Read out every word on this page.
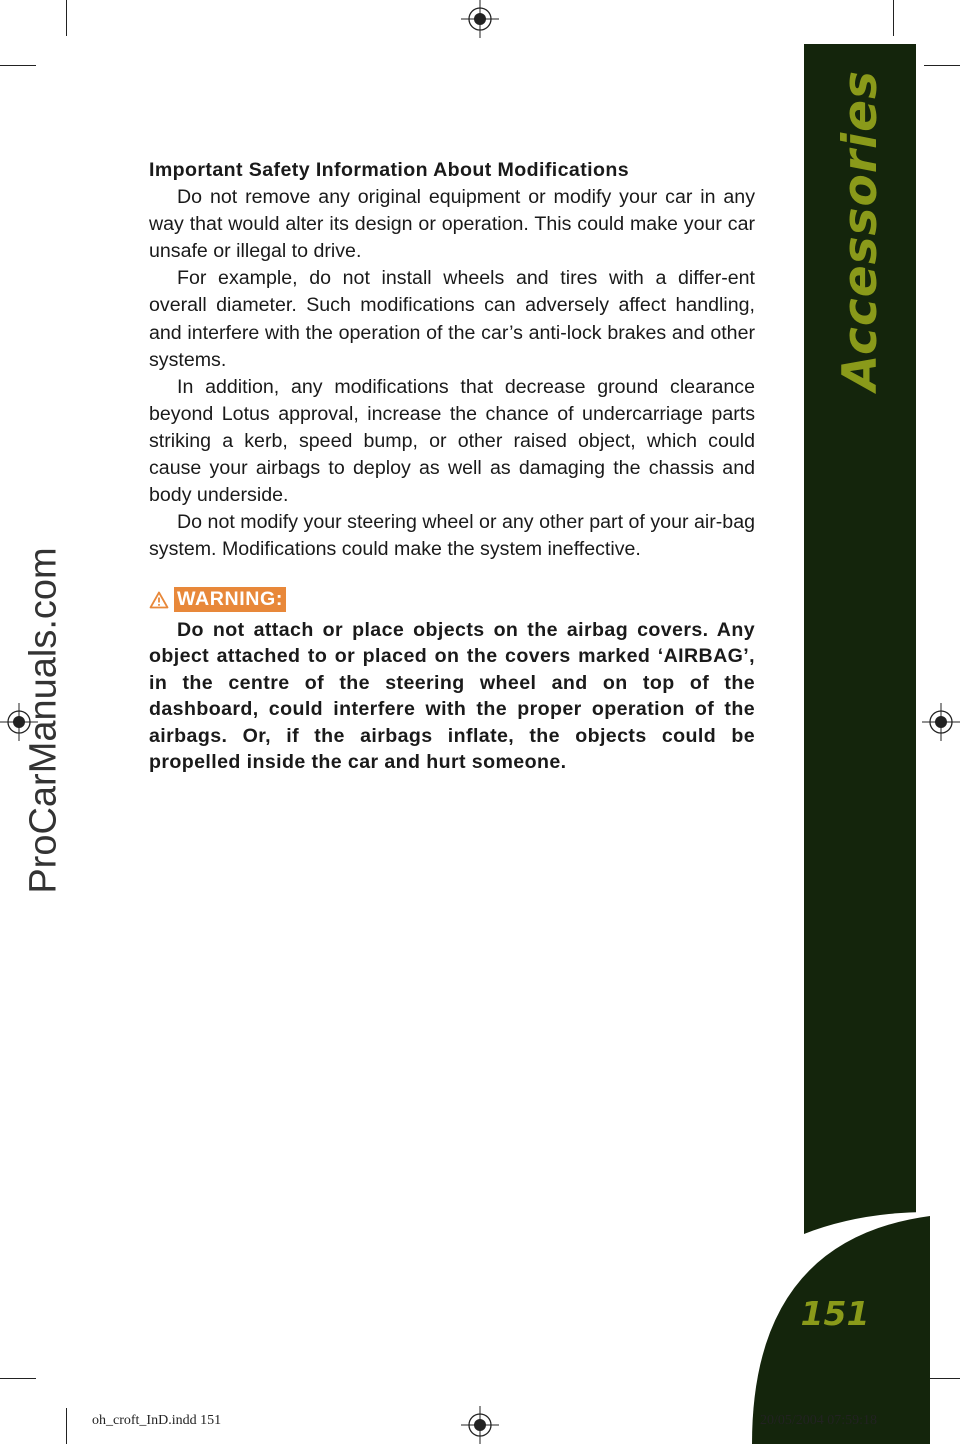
Accessories
151
Important Safety Information About Modifications

Do not remove any original equipment or modify your car in any way that would alter its design or operation. This could make your car unsafe or illegal to drive.

For example, do not install wheels and tires with a differ-ent overall diameter. Such modifications can adversely affect handling, and interfere with the operation of the car’s anti-lock brakes and other systems.

In addition, any modifications that decrease ground clearance beyond Lotus approval, increase the chance of undercarriage parts striking a kerb, speed bump, or other raised object, which could cause your airbags to deploy as well as damaging the chassis and body underside.

Do not modify your steering wheel or any other part of your air-bag system. Modifications could make the system ineffective.

WARNING:

Do not attach or place objects on the airbag covers. Any object attached to or placed on the covers marked ‘AIRBAG’, in the centre of the steering wheel and on top of the dashboard, could interfere with the proper operation of the airbags. Or, if the airbags inflate, the objects could be propelled inside the car and hurt someone.

ProCarManuals.com
oh_croft_InD.indd 151	20/05/2004 07:59:18
